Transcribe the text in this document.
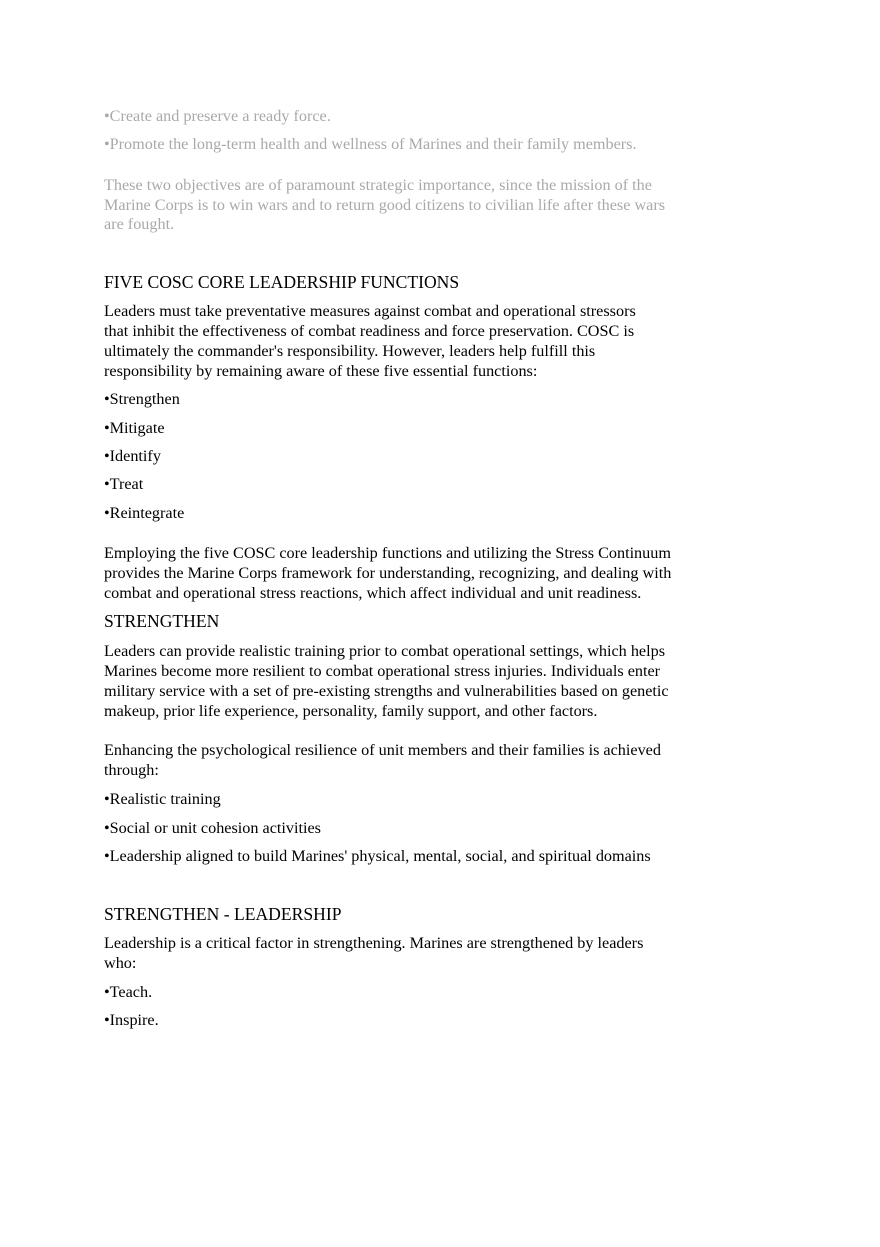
•Create and preserve a ready force.

•Promote the long-term health and wellness of Marines and their family members.

These two objectives are of paramount strategic importance, since the mission of the

Marine Corps is to win wars and to return good citizens to civilian life after these wars

are fought.

FIVE COSC CORE LEADERSHIP FUNCTIONS

Leaders must take preventative measures against combat and operational stressors

that inhibit the effectiveness of combat readiness and force preservation. COSC is

ultimately the commander's responsibility. However, leaders help fulfill this

responsibility by remaining aware of these five essential functions:

•Strengthen

•Mitigate

•Identify

•Treat

•Reintegrate

Employing the five COSC core leadership functions and utilizing the Stress Continuum

provides the Marine Corps framework for understanding, recognizing, and dealing with

combat and operational stress reactions, which affect individual and unit readiness.

STRENGTHEN

Leaders can provide realistic training prior to combat operational settings, which helps

Marines become more resilient to combat operational stress injuries. Individuals enter

military service with a set of pre-existing strengths and vulnerabilities based on genetic

makeup, prior life experience, personality, family support, and other factors.

Enhancing the psychological resilience of unit members and their families is achieved

through:

•Realistic training

•Social or unit cohesion activities

•Leadership aligned to build Marines' physical, mental, social, and spiritual domains

STRENGTHEN - LEADERSHIP

Leadership is a critical factor in strengthening. Marines are strengthened by leaders

who:

•Teach.

•Inspire.
